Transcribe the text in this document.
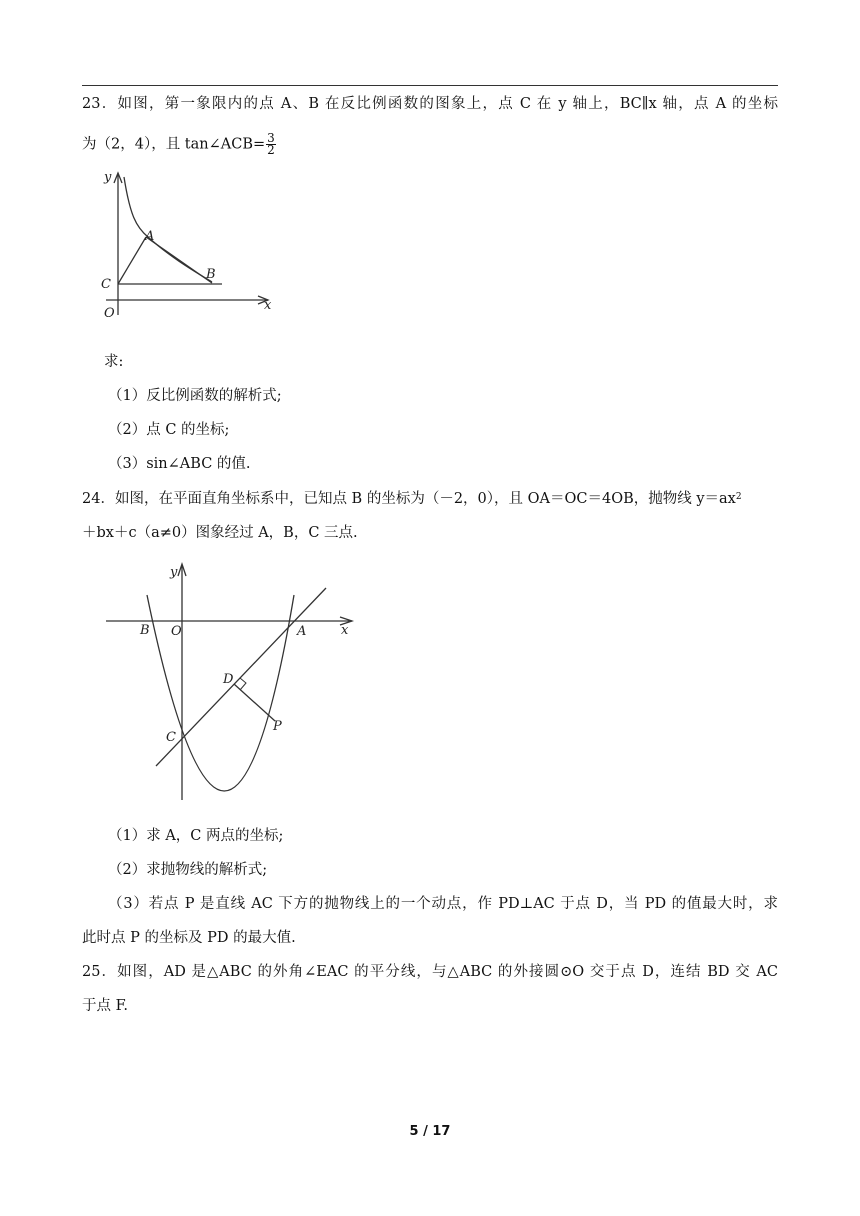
23．如图，第一象限内的点 A、B 在反比例函数的图象上，点 C 在 y 轴上，BC∥x 轴，点 A 的坐标
为（2，4），且 tan∠ACB= $\frac{3}{2}$
y
x
A
B
C
O
求:
（1）反比例函数的解析式;
（2）点 C 的坐标;
（3）sin∠ABC 的值.
24．如图，在平面直角坐标系中，已知点 B 的坐标为（－2，0），且 OA＝OC＝4OB，抛物线 $y=ax^2$
＋bx＋c（a≠0）图象经过 A，B，C 三点.
y
x
B O	A
D
C
P
（1）求 A，C 两点的坐标;
（2）求抛物线的解析式;
（3）若点 P 是直线 AC 下方的抛物线上的一个动点，作 PD⊥AC 于点 D，当 PD 的值最大时，求
此时点 P 的坐标及 PD 的最大值.
25．如图，AD 是△ABC 的外角∠EAC 的平分线，与△ABC 的外接圆⊙O 交于点 D，连结 BD 交 AC
于点 F.
5 / 17
